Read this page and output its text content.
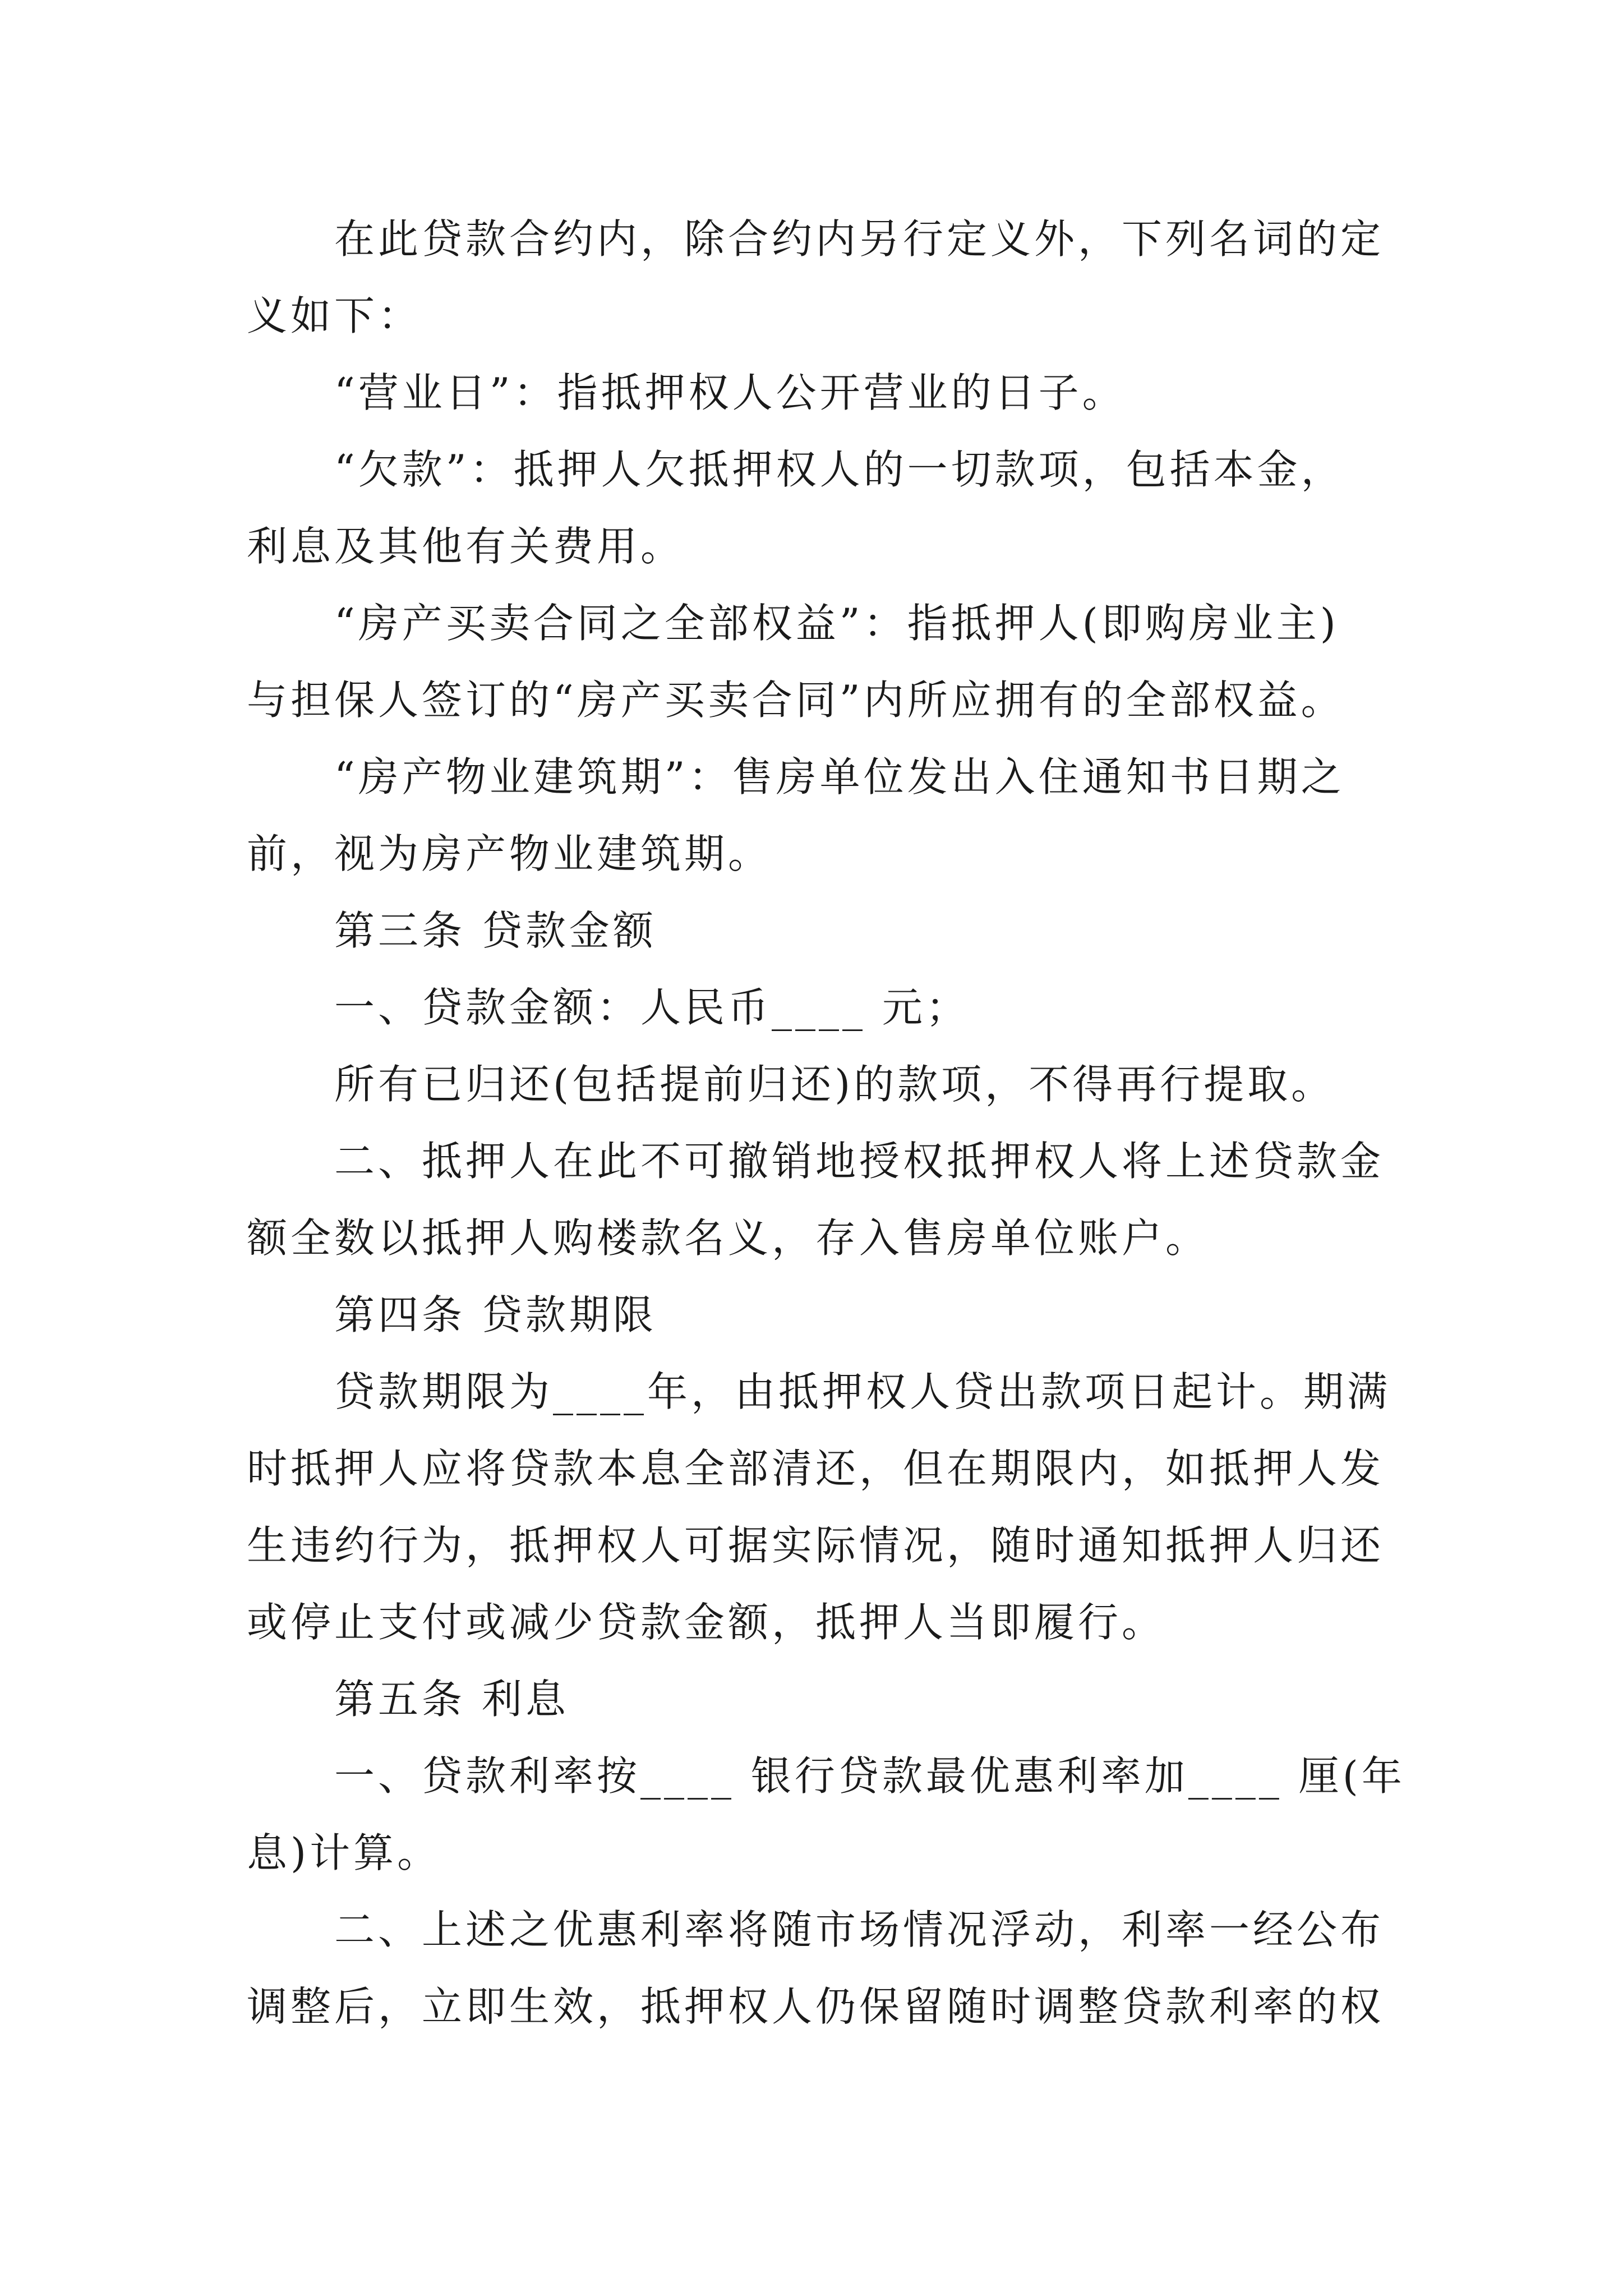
在此贷款合约内，除合约内另行定义外，下列名词的定
义如下：
“营业日”：指抵押权人公开营业的日子。
“欠款”：抵押人欠抵押权人的一切款项，包括本金，
利息及其他有关费用。
“房产买卖合同之全部权益”：指抵押人(即购房业主)
与担保人签订的“房产买卖合同”内所应拥有的全部权益。
“房产物业建筑期”：售房单位发出入住通知书日期之
前，视为房产物业建筑期。
第三条 贷款金额
一、贷款金额：人民币____ 元；
所有已归还(包括提前归还)的款项，不得再行提取。
二、抵押人在此不可撤销地授权抵押权人将上述贷款金
额全数以抵押人购楼款名义，存入售房单位账户。
第四条 贷款期限
贷款期限为____年，由抵押权人贷出款项日起计。期满
时抵押人应将贷款本息全部清还，但在期限内，如抵押人发
生违约行为，抵押权人可据实际情况，随时通知抵押人归还
或停止支付或减少贷款金额，抵押人当即履行。
第五条 利息
一、贷款利率按____ 银行贷款最优惠利率加____ 厘(年
息)计算。
二、上述之优惠利率将随市场情况浮动，利率一经公布
调整后，立即生效，抵押权人仍保留随时调整贷款利率的权
